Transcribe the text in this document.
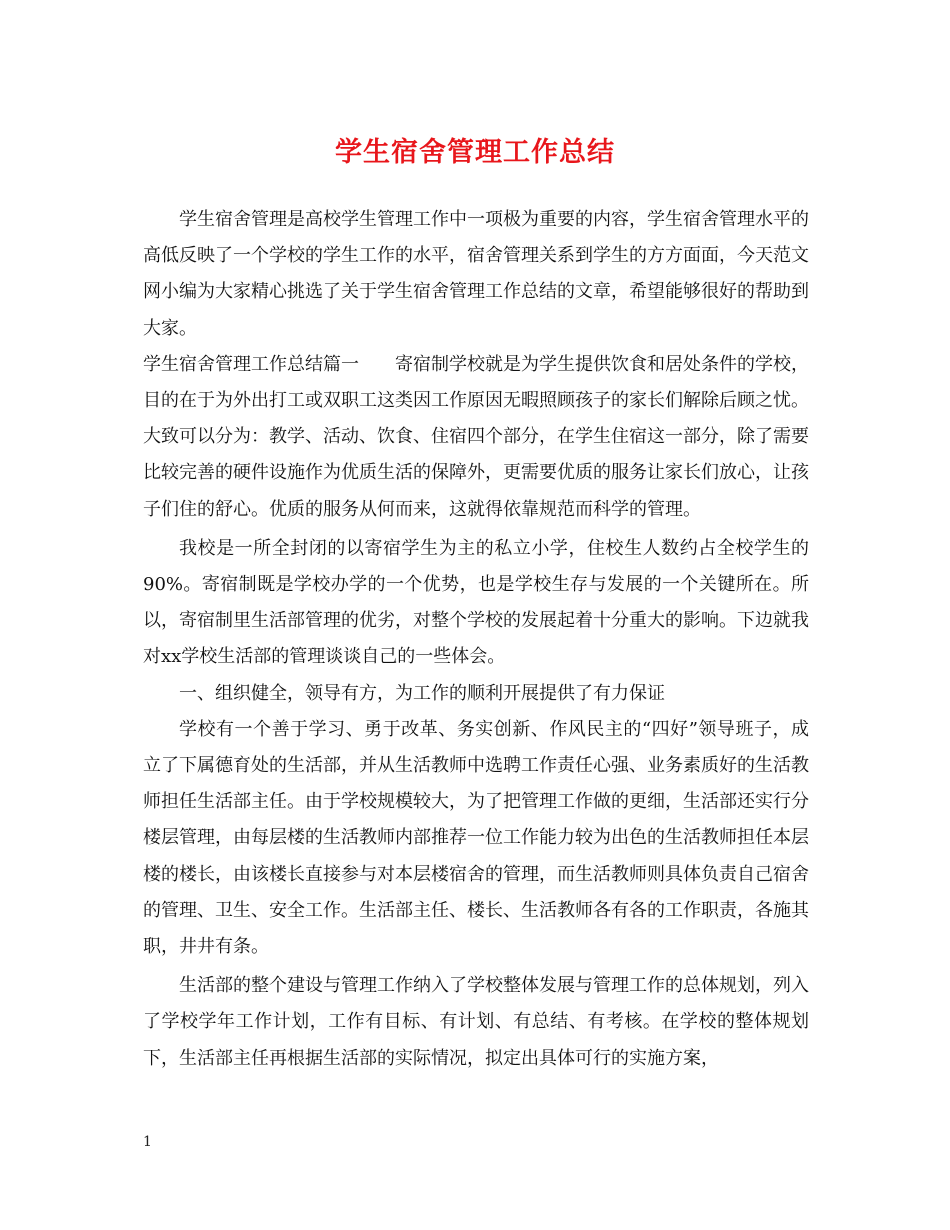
学生宿舍管理工作总结

学生宿舍管理是高校学生管理工作中一项极为重要的内容，学生宿舍管理水平的高低反映了一个学校的学生工作的水平，宿舍管理关系到学生的方方面面，今天范文网小编为大家精心挑选了关于学生宿舍管理工作总结的文章，希望能够很好的帮助到大家。

学生宿舍管理工作总结篇一　　寄宿制学校就是为学生提供饮食和居处条件的学校，目的在于为外出打工或双职工这类因工作原因无暇照顾孩子的家长们解除后顾之忧。大致可以分为：教学、活动、饮食、住宿四个部分，在学生住宿这一部分，除了需要比较完善的硬件设施作为优质生活的保障外，更需要优质的服务让家长们放心，让孩子们住的舒心。优质的服务从何而来，这就得依靠规范而科学的管理。

我校是一所全封闭的以寄宿学生为主的私立小学，住校生人数约占全校学生的90%。寄宿制既是学校办学的一个优势，也是学校生存与发展的一个关键所在。所以，寄宿制里生活部管理的优劣，对整个学校的发展起着十分重大的影响。下边就我对xx学校生活部的管理谈谈自己的一些体会。

一、组织健全，领导有方，为工作的顺利开展提供了有力保证

学校有一个善于学习、勇于改革、务实创新、作风民主的“四好”领导班子，成立了下属德育处的生活部，并从生活教师中选聘工作责任心强、业务素质好的生活教师担任生活部主任。由于学校规模较大，为了把管理工作做的更细，生活部还实行分楼层管理，由每层楼的生活教师内部推荐一位工作能力较为出色的生活教师担任本层楼的楼长，由该楼长直接参与对本层楼宿舍的管理，而生活教师则具体负责自己宿舍的管理、卫生、安全工作。生活部主任、楼长、生活教师各有各的工作职责，各施其职，井井有条。

生活部的整个建设与管理工作纳入了学校整体发展与管理工作的总体规划，列入了学校学年工作计划，工作有目标、有计划、有总结、有考核。在学校的整体规划下，生活部主任再根据生活部的实际情况，拟定出具体可行的实施方案，

1
